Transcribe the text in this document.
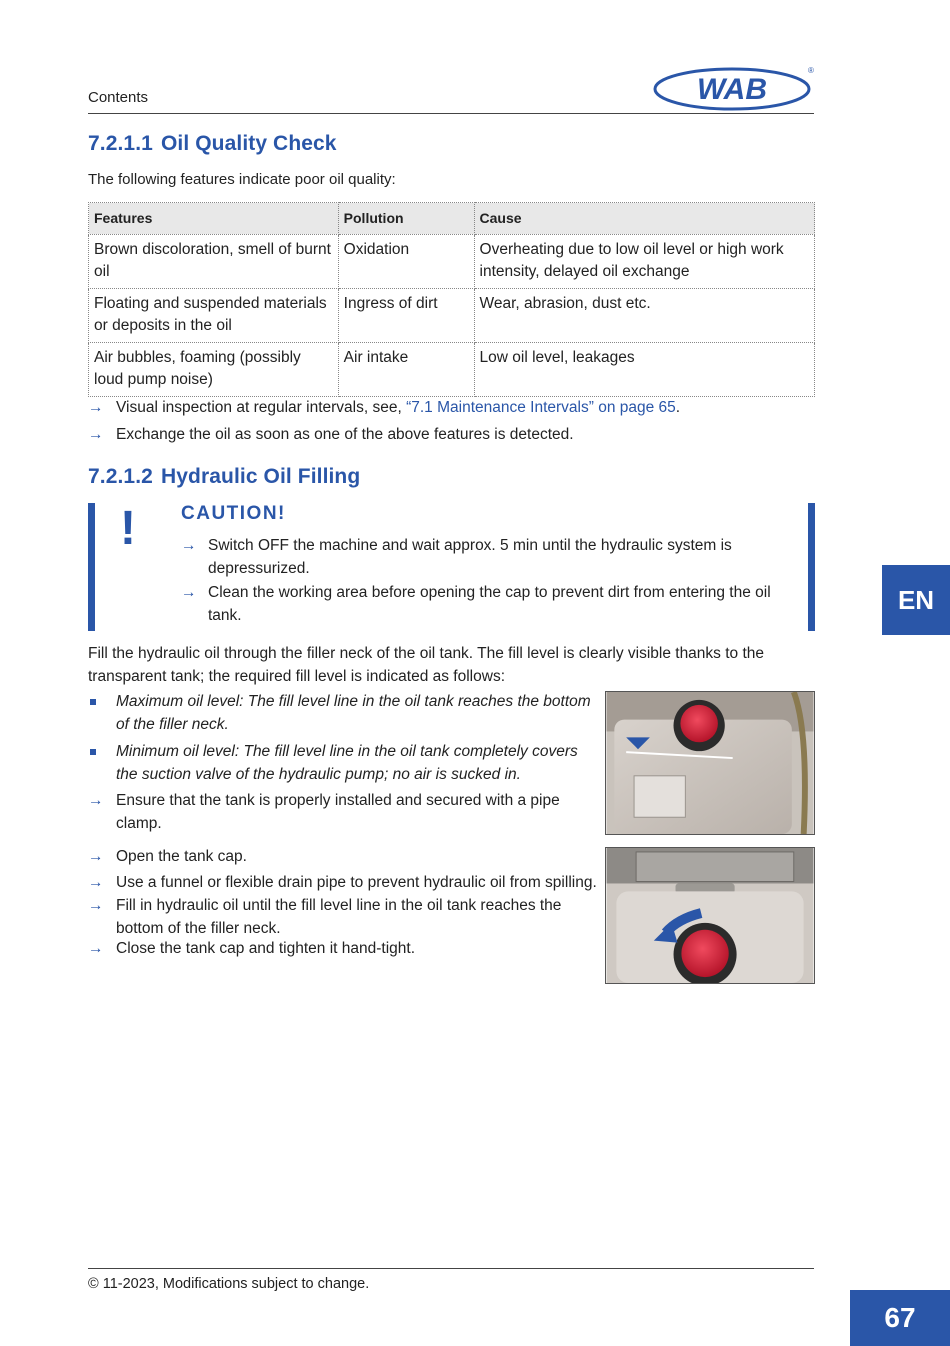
Contents	WAB
®
7.2.1.1 Oil Quality Check
The following features indicate poor oil quality:
Features	Pollution	Cause
Brown discoloration, smell of burnt oil	Oxidation	Overheating due to low oil level or high work intensity, delayed oil exchange
Floating and suspended materials or deposits in the oil	Ingress of dirt	Wear, abrasion, dust etc.
Air bubbles, foaming (possibly loud pump noise)	Air intake	Low oil level, leakages
→ Visual inspection at regular intervals, see, “7.1 Maintenance Intervals” on page 65.
→ Exchange the oil as soon as one of the above features is detected.
7.2.1.2 Hydraulic Oil Filling
! CAUTION!
→ Switch OFF the machine and wait approx. 5 min until the hydraulic system is depressurized.
→ Clean the working area before opening the cap to prevent dirt from entering the oil tank.
Fill the hydraulic oil through the filler neck of the oil tank. The fill level is clearly visible thanks to the transparent tank; the required fill level is indicated as follows:
Maximum oil level: The fill level line in the oil tank reaches the bottom of the filler neck.
Minimum oil level: The fill level line in the oil tank completely covers the suction valve of the hydraulic pump; no air is sucked in.
→ Ensure that the tank is properly installed and secured with a pipe clamp.
→ Open the tank cap.
→ Use a funnel or flexible drain pipe to prevent hydraulic oil from spilling.
→ Fill in hydraulic oil until the fill level line in the oil tank reaches the bottom of the filler neck.
→ Close the tank cap and tighten it hand-tight.
EN
© 11-2023, Modifications subject to change.
67
